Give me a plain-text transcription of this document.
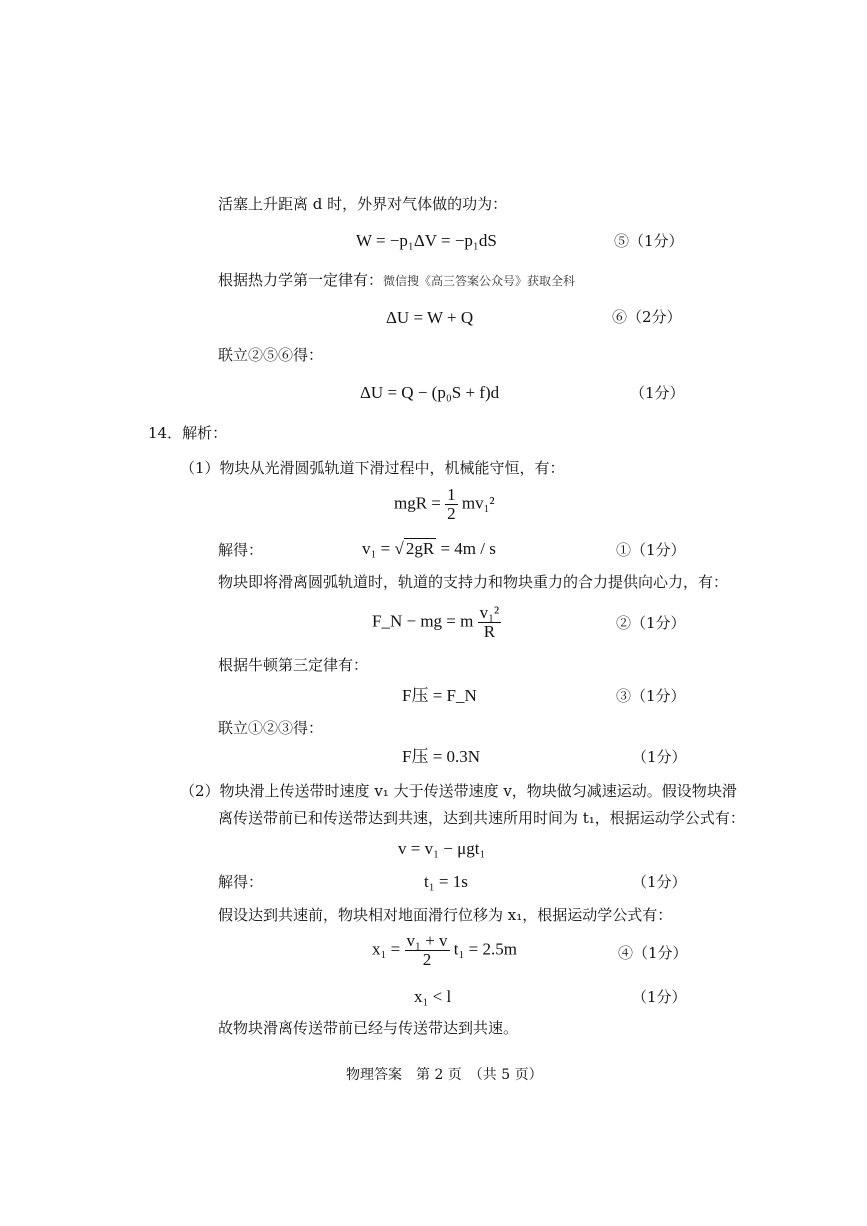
活塞上升距离 d 时，外界对气体做的功为：
W = −p₁ΔV = −p₁dS	⑤（1分）
根据热力学第一定律有：微信搜《高三答案公众号》获取全科
ΔU = W + Q	⑥（2分）
联立②⑤⑥得：
ΔU = Q − (p₀S + f)d	（1分）
14．解析：
（1）物块从光滑圆弧轨道下滑过程中，机械能守恒，有：
mgR = $\frac{1}{2} mv_1^2$
解得：	v₁ = √ 2gR = 4m / s	①（1分）
物块即将滑离圆弧轨道时，轨道的支持力和物块重力的合力提供向心力，有：
F_N − mg = m $\frac{\text{v₁²}}{R}$	②（1分）
根据牛顿第三定律有：
F压 = F_N	③（1分）
联立①②③得：
F压 = 0.3N	（1分）
（2）物块滑上传送带时速度 v₁ 大于传送带速度 v，物块做匀减速运动。假设物块滑
离传送带前已和传送带达到共速，达到共速所用时间为 t₁，根据运动学公式有：
v = v₁ − μgt₁
解得：	t₁ = 1s	（1分）
假设达到共速前，物块相对地面滑行位移为 x₁，根据运动学公式有：
$x_1 = \frac{\text{v₁ + v}}{2} t_1 = 2.5m$	④（1分）
x₁ < l	（1分）
故物块滑离传送带前已经与传送带达到共速。
物理答案　第 2 页　（共 5 页）
